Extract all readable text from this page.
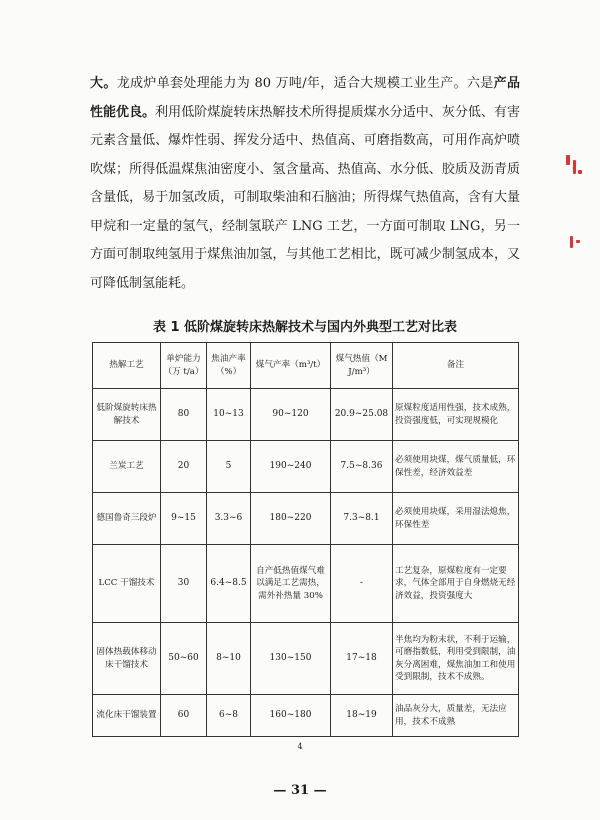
大。龙成炉单套处理能力为 80 万吨/年，适合大规模工业生产。六是产品性能优良。利用低阶煤旋转床热解技术所得提质煤水分适中、灰分低、有害元素含量低、爆炸性弱、挥发分适中、热值高、可磨指数高，可用作高炉喷吹煤；所得低温煤焦油密度小、氢含量高、热值高、水分低、胶质及沥青质含量低，易于加氢改质，可制取柴油和石脑油；所得煤气热值高，含有大量甲烷和一定量的氢气，经制氢联产 LNG 工艺，一方面可制取 LNG，另一方面可制取纯氢用于煤焦油加氢，与其他工艺相比，既可减少制氢成本，又可降低制氢能耗。

表 1 低阶煤旋转床热解技术与国内外典型工艺对比表
热解工艺	单炉能力（万 t/a）	焦油产率（%）	煤气产率（m³/t）	煤气热值（MJ/m³）	备注
低阶煤旋转床热解技术	80	10~13	90~120	20.9~25.08	原煤粒度适用性强，技术成熟，投资强度低，可实现规模化
兰炭工艺	20	5	190~240	7.5~8.36	必须使用块煤，煤气质量低，环保性差，经济效益差
德国鲁奇三段炉	9~15	3.3~6	180~220	7.3~8.1	必须使用块煤，采用湿法熄焦，环保性差
LCC 干馏技术	30	6.4~8.5	自产低热值煤气难以满足工艺需热，需外补热量 30%	-	工艺复杂，原煤粒度有一定要求，气体全部用于自身燃烧无经济效益，投资强度大
固体热载体移动床干馏技术	50~60	8~10	130~150	17~18	半焦均为粉末状，不利于运输，可磨指数低，利用受到限制，油灰分离困难，煤焦油加工和使用受到限制，技术不成熟。
流化床干馏装置	60	6~8	160~180	18~19	油品灰分大，质量差，无法应用，技术不成熟
4
— 31 —
